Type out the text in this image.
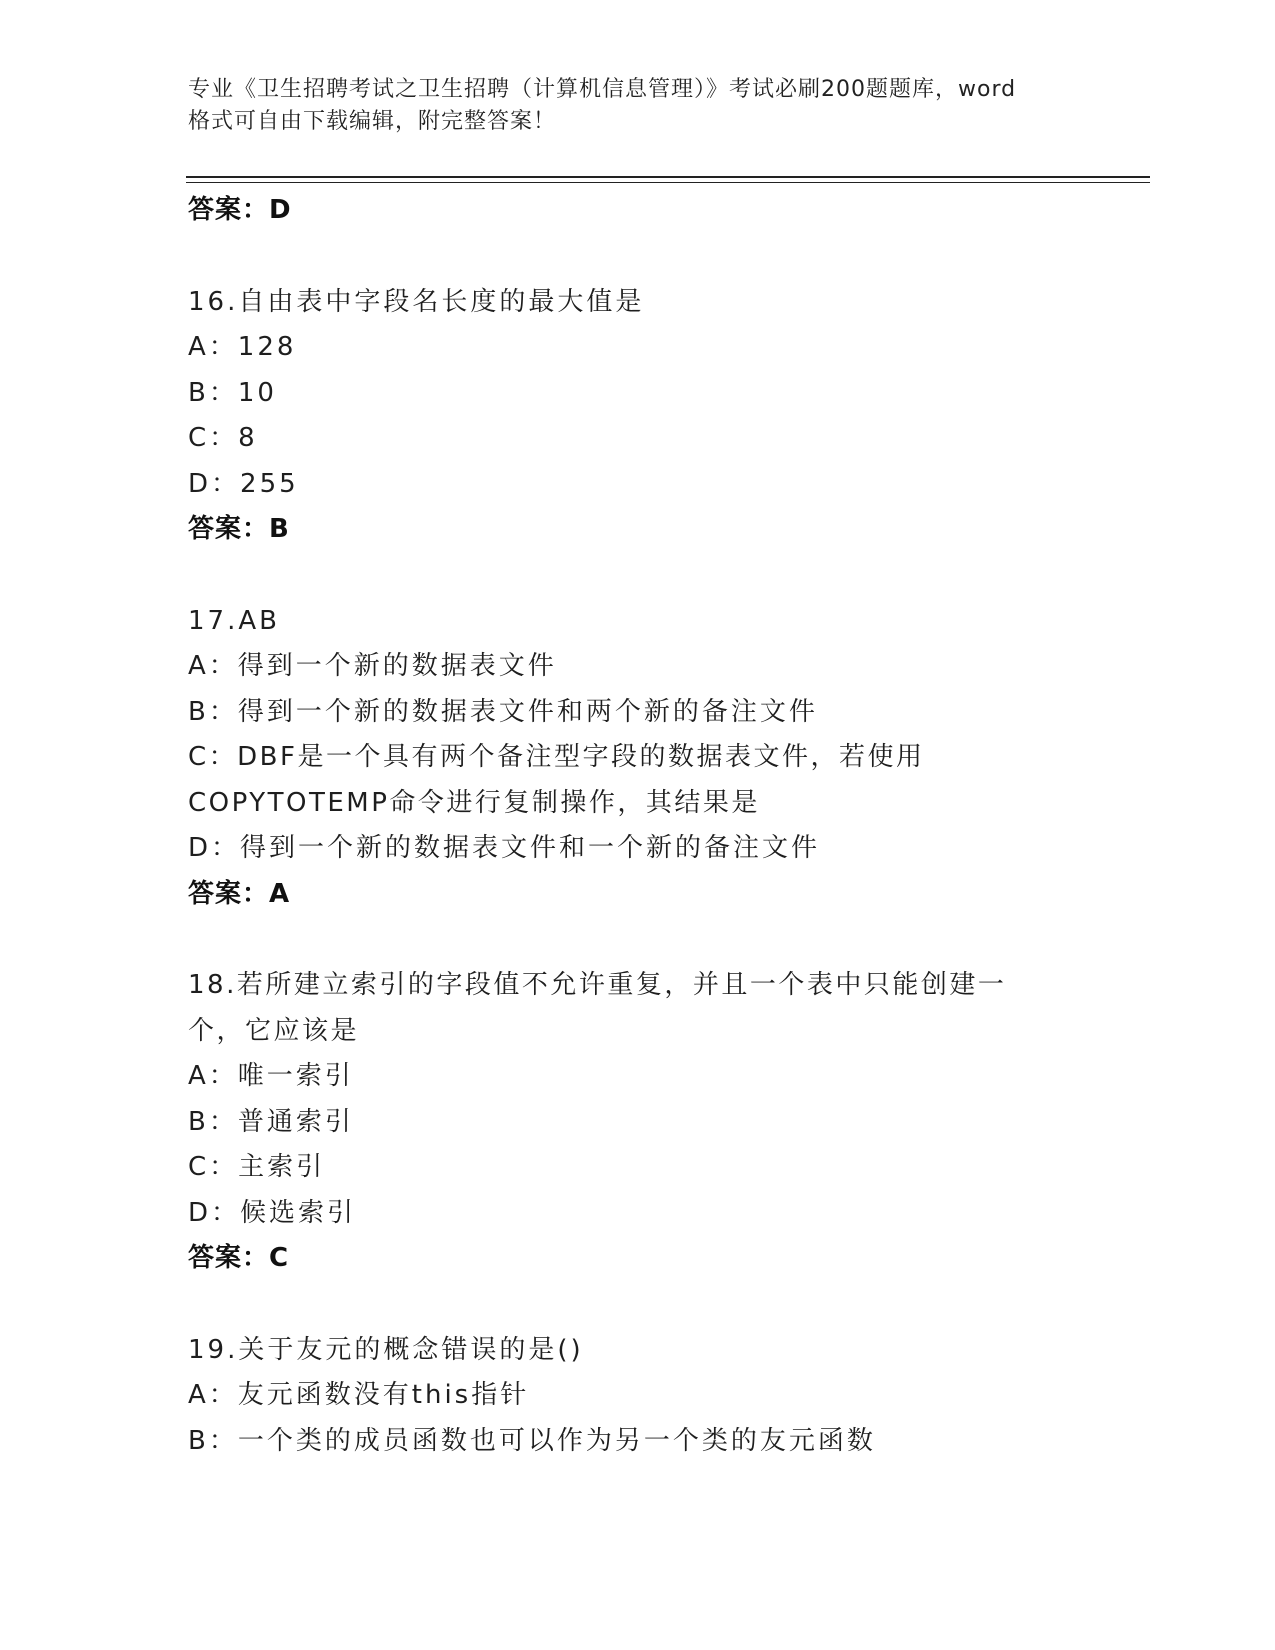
专业《卫生招聘考试之卫生招聘（计算机信息管理）》考试必刷200题题库，word
格式可自由下载编辑，附完整答案！
答案：D
16.自由表中字段名长度的最大值是
A：128
B：10
C：8
D：255
答案：B
17.AB
A：得到一个新的数据表文件
B：得到一个新的数据表文件和两个新的备注文件
C：DBF是一个具有两个备注型字段的数据表文件，若使用COPYTOTEMP命令进行复制操作，其结果是
D：得到一个新的数据表文件和一个新的备注文件
答案：A
18.若所建立索引的字段值不允许重复，并且一个表中只能创建一个，它应该是
A：唯一索引
B：普通索引
C：主索引
D：候选索引
答案：C
19.关于友元的概念错误的是()
A：友元函数没有this指针
B：一个类的成员函数也可以作为另一个类的友元函数
